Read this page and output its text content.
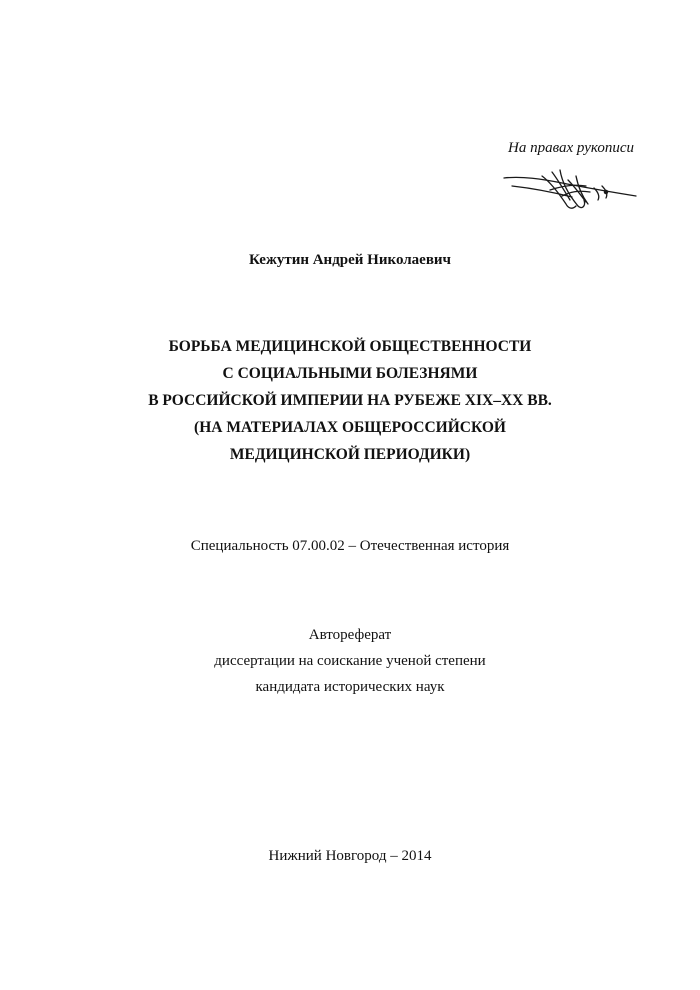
На правах рукописи
Кежутин Андрей Николаевич
БОРЬБА МЕДИЦИНСКОЙ ОБЩЕСТВЕННОСТИ
С СОЦИАЛЬНЫМИ БОЛЕЗНЯМИ
В РОССИЙСКОЙ ИМПЕРИИ НА РУБЕЖЕ XIX–XX ВВ.
(НА МАТЕРИАЛАХ ОБЩЕРОССИЙСКОЙ
МЕДИЦИНСКОЙ ПЕРИОДИКИ)
Специальность 07.00.02 – Отечественная история
Автореферат
диссертации на соискание ученой степени
кандидата исторических наук
Нижний Новгород – 2014
